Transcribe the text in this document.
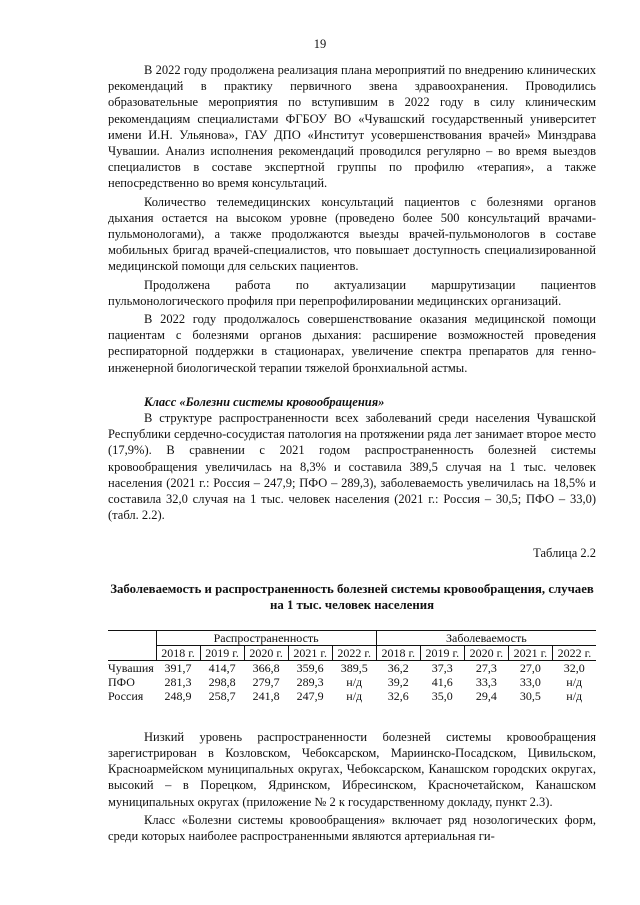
19

В 2022 году продолжена реализация плана мероприятий по внедрению клинических рекомендаций в практику первичного звена здравоохранения. Проводились образовательные мероприятия по вступившим в 2022 году в силу клиническим рекомендациям специалистами ФГБОУ ВО «Чувашский государственный университет имени И.Н. Ульянова», ГАУ ДПО «Институт усовершенствования врачей» Минздрава Чувашии. Анализ исполнения рекомендаций проводился регулярно – во время выездов специалистов в составе экспертной группы по профилю «терапия», а также непосредственно во время консультаций.

Количество телемедицинских консультаций пациентов с болезнями органов дыхания остается на высоком уровне (проведено более 500 консультаций врачами-пульмонологами), а также продолжаются выезды врачей-пульмонологов в составе мобильных бригад врачей-специалистов, что повышает доступность специализированной медицинской помощи для сельских пациентов.

Продолжена работа по актуализации маршрутизации пациентов пульмонологического профиля при перепрофилировании медицинских организаций.

В 2022 году продолжалось совершенствование оказания медицинской помощи пациентам с болезнями органов дыхания: расширение возможностей проведения респираторной поддержки в стационарах, увеличение спектра препаратов для генно-инженерной биологической терапии тяжелой бронхиальной астмы.

Класс «Болезни системы кровообращения»

В структуре распространенности всех заболеваний среди населения Чувашской Республики сердечно-сосудистая патология на протяжении ряда лет занимает второе место (17,9%). В сравнении с 2021 годом распространенность болезней системы кровообращения увеличилась на 8,3% и составила 389,5 случая на 1 тыс. человек населения (2021 г.: Россия – 247,9; ПФО – 289,3), заболеваемость увеличилась на 18,5% и составила 32,0 случая на 1 тыс. человек населения (2021 г.: Россия – 30,5; ПФО – 33,0) (табл. 2.2).

Таблица 2.2

Заболеваемость и распространенность болезней системы кровообращения, случаев на 1 тыс. человек населения

	Распространенность					Заболеваемость				
	2018 г.	2019 г.	2020 г.	2021 г.	2022 г.	2018 г.	2019 г.	2020 г.	2021 г.	2022 г.
Чувашия	391,7	414,7	366,8	359,6	389,5	36,2	37,3	27,3	27,0	32,0
ПФО	281,3	298,8	279,7	289,3	н/д	39,2	41,6	33,3	33,0	н/д
Россия	248,9	258,7	241,8	247,9	н/д	32,6	35,0	29,4	30,5	н/д

Низкий уровень распространенности болезней системы кровообращения зарегистрирован в Козловском, Чебоксарском, Мариинско-Посадском, Цивильском, Красноармейском муниципальных округах, Чебоксарском, Канашском городских округах, высокий – в Порецком, Ядринском, Ибресинском, Красночетайском, Канашском муниципальных округах (приложение № 2 к государственному докладу, пункт 2.3).

Класс «Болезни системы кровообращения» включает ряд нозологических форм, среди которых наиболее распространенными являются артериальная ги-
